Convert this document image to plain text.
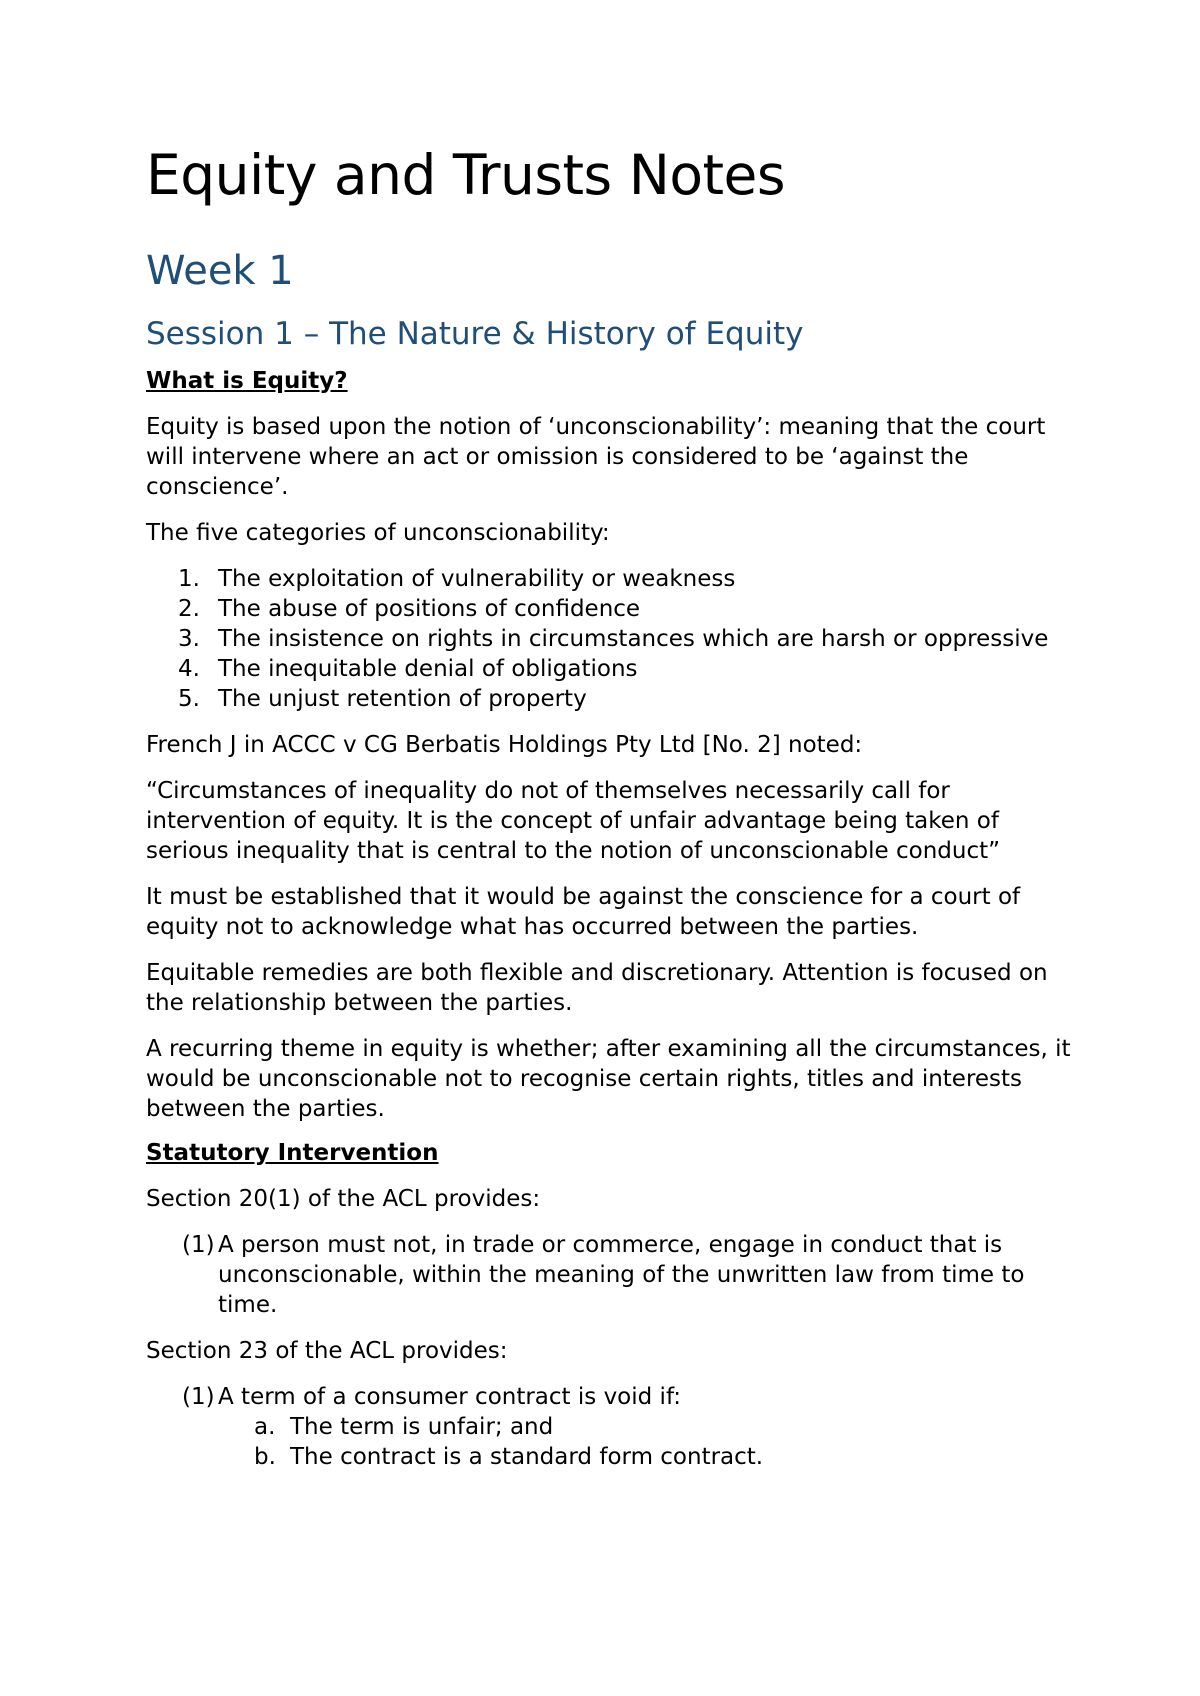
Equity and Trusts Notes
Week 1
Session 1 – The Nature & History of Equity
What is Equity?

Equity is based upon the notion of ‘unconscionability’: meaning that the court will intervene where an act or omission is considered to be ‘against the conscience’.

The five categories of unconscionability:

1. The exploitation of vulnerability or weakness
2. The abuse of positions of confidence
3. The insistence on rights in circumstances which are harsh or oppressive
4. The inequitable denial of obligations
5. The unjust retention of property

French J in ACCC v CG Berbatis Holdings Pty Ltd [No. 2] noted:

“Circumstances of inequality do not of themselves necessarily call for intervention of equity. It is the concept of unfair advantage being taken of serious inequality that is central to the notion of unconscionable conduct”

It must be established that it would be against the conscience for a court of equity not to acknowledge what has occurred between the parties.

Equitable remedies are both flexible and discretionary. Attention is focused on the relationship between the parties.

A recurring theme in equity is whether; after examining all the circumstances, it would be unconscionable not to recognise certain rights, titles and interests between the parties.

Statutory Intervention

Section 20(1) of the ACL provides:

(1) A person must not, in trade or commerce, engage in conduct that is unconscionable, within the meaning of the unwritten law from time to time.

Section 23 of the ACL provides:

(1) A term of a consumer contract is void if:
a. The term is unfair; and
b. The contract is a standard form contract.
